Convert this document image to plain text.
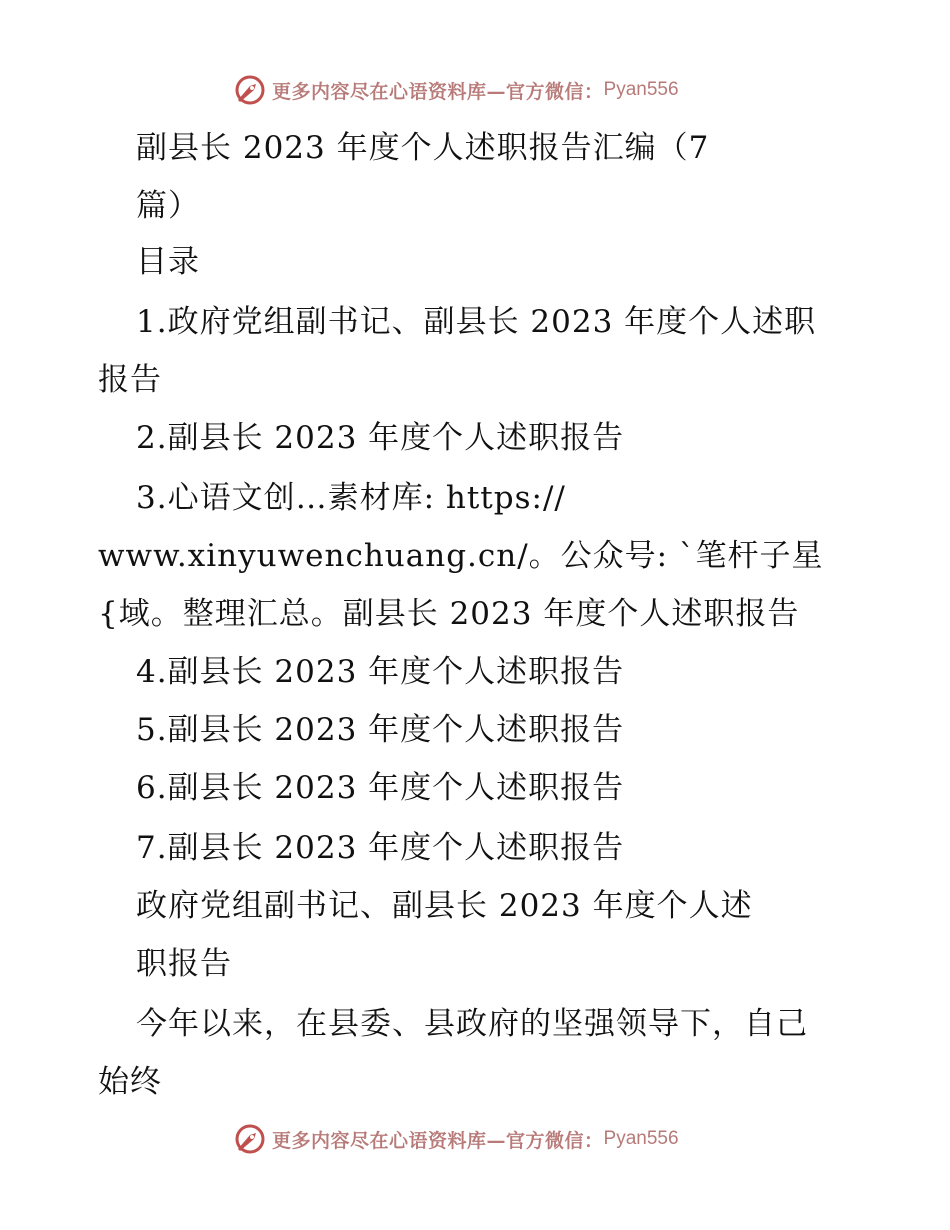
更多内容尽在心语资料库—官方微信： Pyan556
副县长 2023 年度个人述职报告汇编（7
篇）
目录
1.政府党组副书记、副县长 2023 年度个人述职
报告
2.副县长 2023 年度个人述职报告
3.心语文创…素材库: https://
www.xinyuwenchuang.cn/。公众号: `笔杆子星
{域。整理汇总。副县长 2023 年度个人述职报告
4.副县长 2023 年度个人述职报告
5.副县长 2023 年度个人述职报告
6.副县长 2023 年度个人述职报告
7.副县长 2023 年度个人述职报告
政府党组副书记、副县长 2023 年度个人述
职报告
今年以来，在县委、县政府的坚强领导下，自己
始终
更多内容尽在心语资料库—官方微信： Pyan556
